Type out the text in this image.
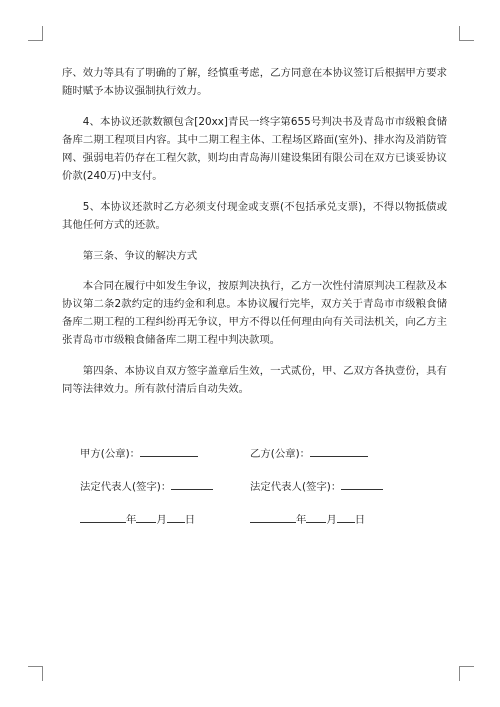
序、效力等具有了明确的了解，经慎重考虑，乙方同意在本协议签订后根据甲方要求随时赋予本协议强制执行效力。

4、本协议还款数额包含[20xx]青民一终字第655号判决书及青岛市市级粮食储备库二期工程项目内容。其中二期工程主体、工程场区路面(室外)、排水沟及消防管网、强弱电若仍存在工程欠款，则均由青岛海川建设集团有限公司在双方已谈妥协议价款(240万)中支付。

5、本协议还款时乙方必须支付现金或支票(不包括承兑支票)，不得以物抵债或其他任何方式的还款。

第三条、争议的解决方式

本合同在履行中如发生争议，按原判决执行，乙方一次性付清原判决工程款及本协议第二条2款约定的违约金和利息。本协议履行完毕，双方关于青岛市市级粮食储备库二期工程的工程纠纷再无争议，甲方不得以任何理由向有关司法机关，向乙方主张青岛市市级粮食储备库二期工程中判决款项。

第四条、本协议自双方签字盖章后生效，一式贰份，甲、乙双方各执壹份，具有同等法律效力。所有款付清后自动失效。

甲方(公章)：	乙方(公章)：
法定代表人(签字)：	法定代表人(签字)：
年 月 日	年 月 日
